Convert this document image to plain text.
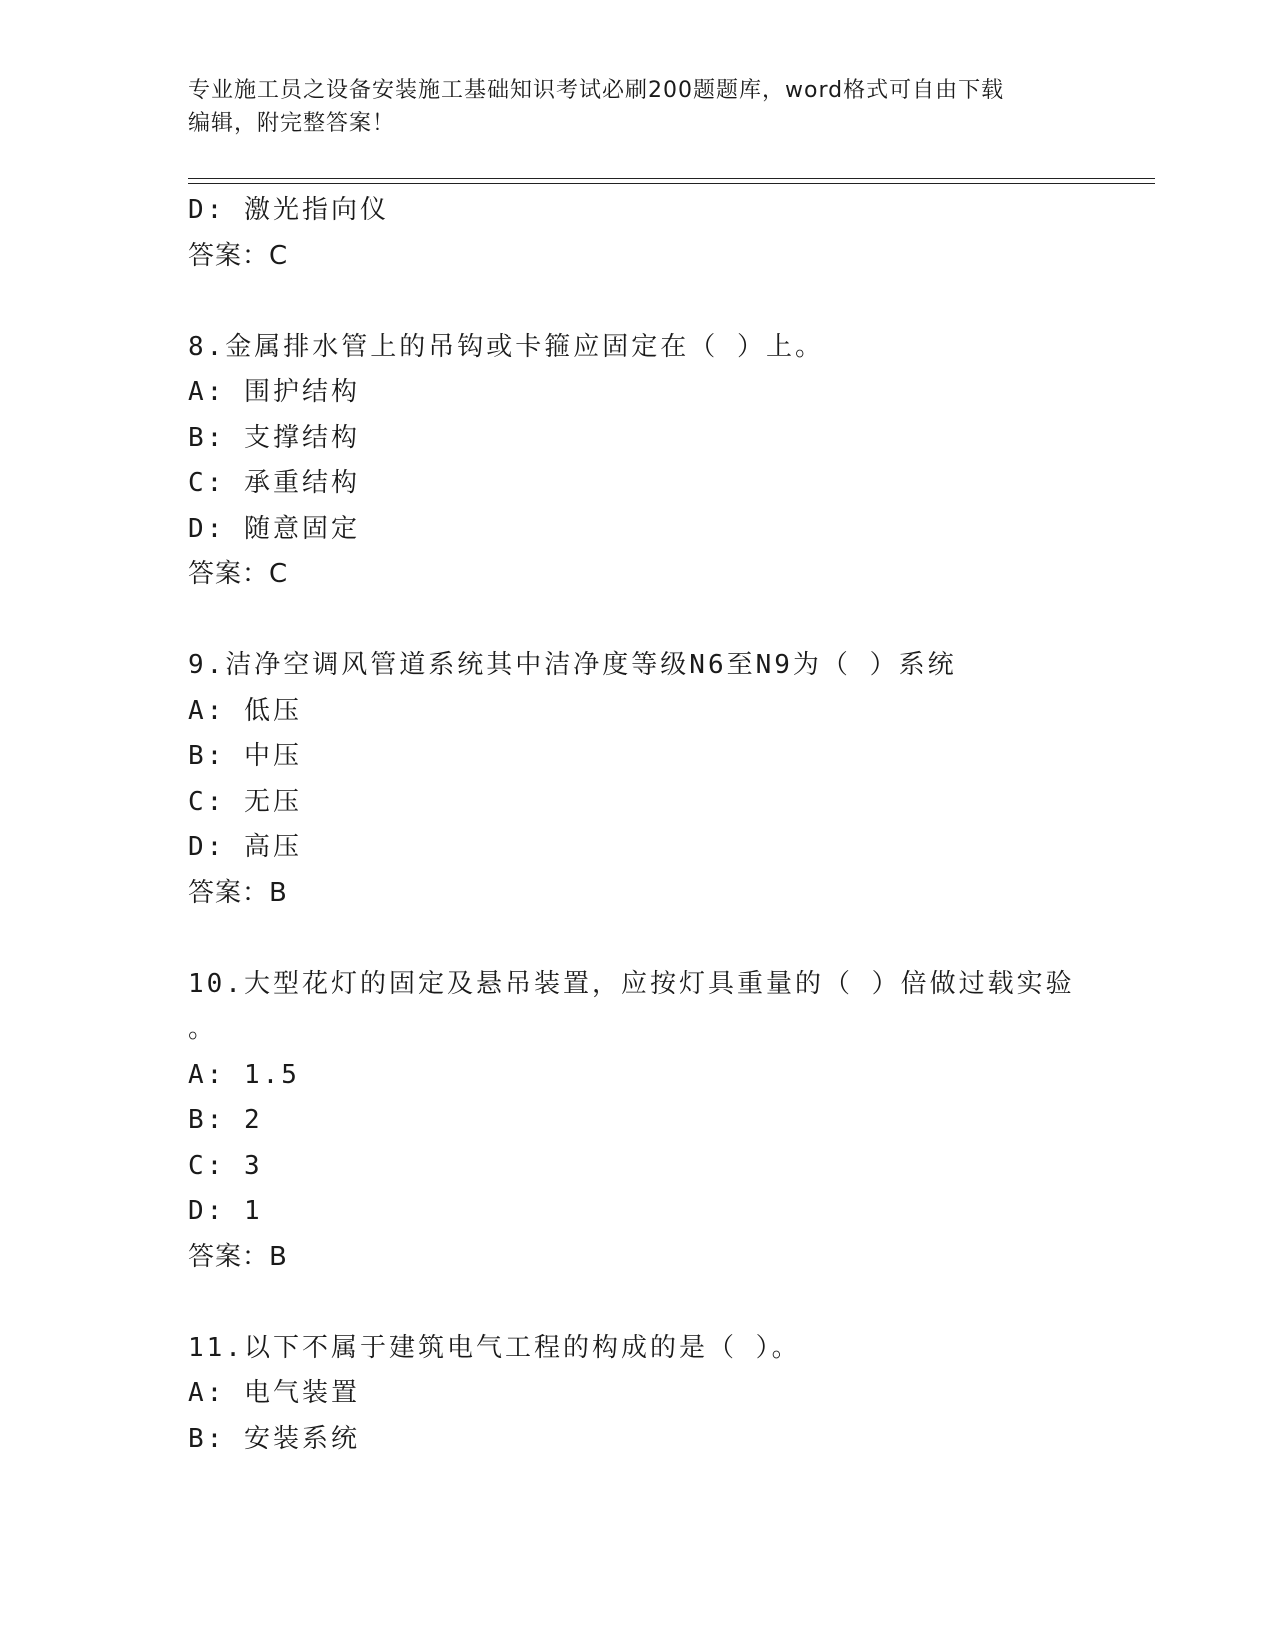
专业施工员之设备安装施工基础知识考试必刷200题题库，word格式可自由下载
编辑，附完整答案！
D: 激光指向仪
答案：C
8.金属排水管上的吊钩或卡箍应固定在（ ）上。
A: 围护结构
B: 支撑结构
C: 承重结构
D: 随意固定
答案：C
9.洁净空调风管道系统其中洁净度等级N6至N9为（ ）系统
A: 低压
B: 中压
C: 无压
D: 高压
答案：B
10.大型花灯的固定及悬吊装置，应按灯具重量的（ ）倍做过载实验
。
A: 1.5
B: 2
C: 3
D: 1
答案：B
11.以下不属于建筑电气工程的构成的是（ ）。
A: 电气装置
B: 安装系统
